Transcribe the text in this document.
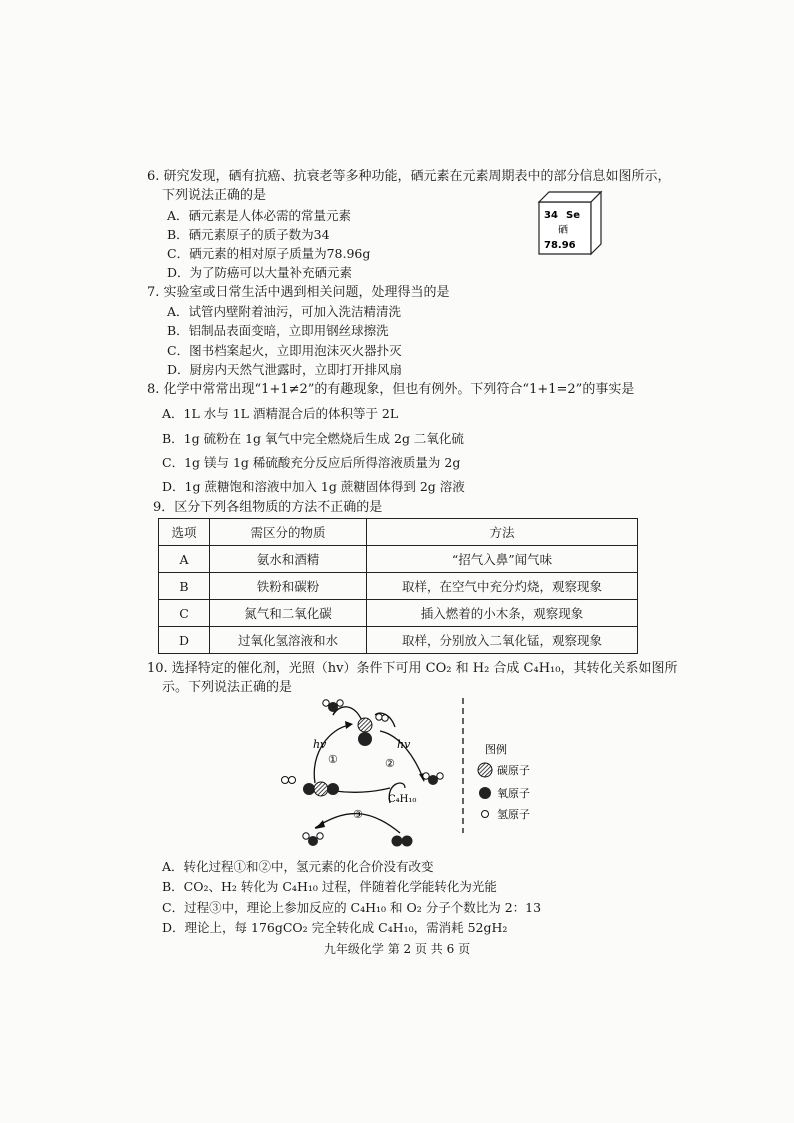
6. 研究发现，硒有抗癌、抗衰老等多种功能，硒元素在元素周期表中的部分信息如图所示，
下列说法正确的是
A．硒元素是人体必需的常量元素
B．硒元素原子的质子数为34
C．硒元素的相对原子质量为78.96g
D．为了防癌可以大量补充硒元素
34 Se
硒
78.96
7. 实验室或日常生活中遇到相关问题，处理得当的是
A．试管内壁附着油污，可加入洗洁精清洗
B．铝制品表面变暗，立即用钢丝球擦洗
C．图书档案起火，立即用泡沫灭火器扑灭
D．厨房内天然气泄露时，立即打开排风扇
8. 化学中常常出现“1+1≠2”的有趣现象，但也有例外。下列符合“1+1=2”的事实是
A．1L 水与 1L 酒精混合后的体积等于 2L
B．1g 硫粉在 1g 氧气中完全燃烧后生成 2g 二氧化硫
C．1g 镁与 1g 稀硫酸充分反应后所得溶液质量为 2g
D．1g 蔗糖饱和溶液中加入 1g 蔗糖固体得到 2g 溶液
9．区分下列各组物质的方法不正确的是
选项	需区分的物质	方法
A	氨水和酒精	“招气入鼻”闻气味
B	铁粉和碳粉	取样，在空气中充分灼烧，观察现象
C	氮气和二氧化碳	插入燃着的小木条，观察现象
D	过氧化氢溶液和水	取样，分别放入二氧化锰，观察现象
10. 选择特定的催化剂，光照（hv）条件下可用 CO₂ 和 H₂ 合成 C₄H₁₀，其转化关系如图所
示。下列说法正确的是
hv	hv
①	②
③
C₄H₁₀
图例
碳原子
氧原子
氢原子
A．转化过程①和②中，氢元素的化合价没有改变
B．CO₂、H₂ 转化为 C₄H₁₀ 过程，伴随着化学能转化为光能
C．过程③中，理论上参加反应的 C₄H₁₀ 和 O₂ 分子个数比为 2：13
D．理论上，每 176gCO₂ 完全转化成 C₄H₁₀，需消耗 52gH₂
九年级化学 第 2 页 共 6 页
